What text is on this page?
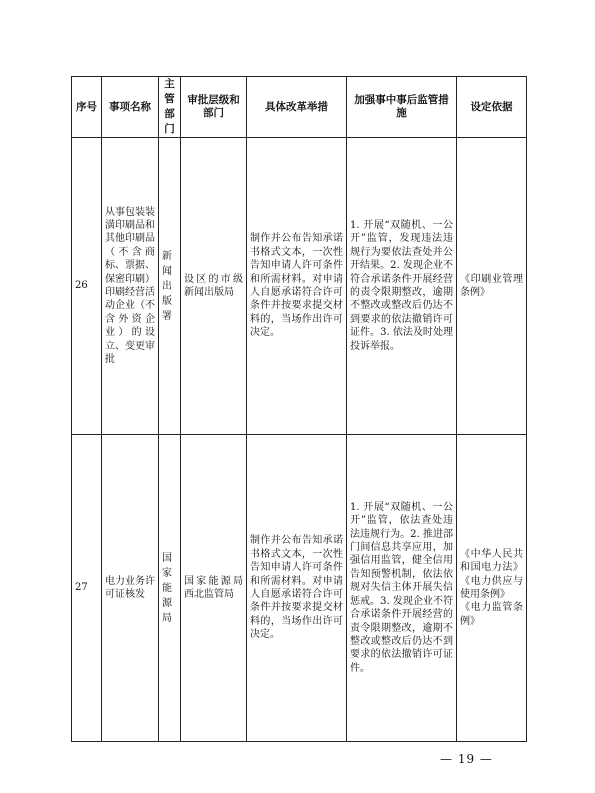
序号	事项名称	主管部门	审批层级和部门	具体改革举措	加强事中事后监管措施	设定依据
26	从事包装装潢印刷品和其他印刷品（不含商标、票据、保密印刷）印刷经营活动企业（不含外资企业）的设立、变更审批	新闻出版署	设区的市级新闻出版局	制作并公布告知承诺书格式文本，一次性告知申请人许可条件和所需材料。对申请人自愿承诺符合许可条件并按要求提交材料的，当场作出许可决定。	1. 开展“双随机、一公开”监管，发现违法违规行为要依法查处并公开结果。2. 发现企业不符合承诺条件开展经营的责令限期整改，逾期不整改或整改后仍达不到要求的依法撤销许可证件。3. 依法及时处理投诉举报。	《印刷业管理条例》

27	电力业务许可证核发	国家能源局	国家能源局西北监管局	制作并公布告知承诺书格式文本，一次性告知申请人许可条件和所需材料。对申请人自愿承诺符合许可条件并按要求提交材料的，当场作出许可决定。	1. 开展“双随机、一公开”监管，依法查处违法违规行为。2. 推进部门间信息共享应用，加强信用监管，健全信用告知预警机制，依法依规对失信主体开展失信惩戒。3. 发现企业不符合承诺条件开展经营的责令限期整改，逾期不整改或整改后仍达不到要求的依法撤销许可证件。	《中华人民共和国电力法》《电力供应与使用条例》
《电力监管条例》
— 19 —
